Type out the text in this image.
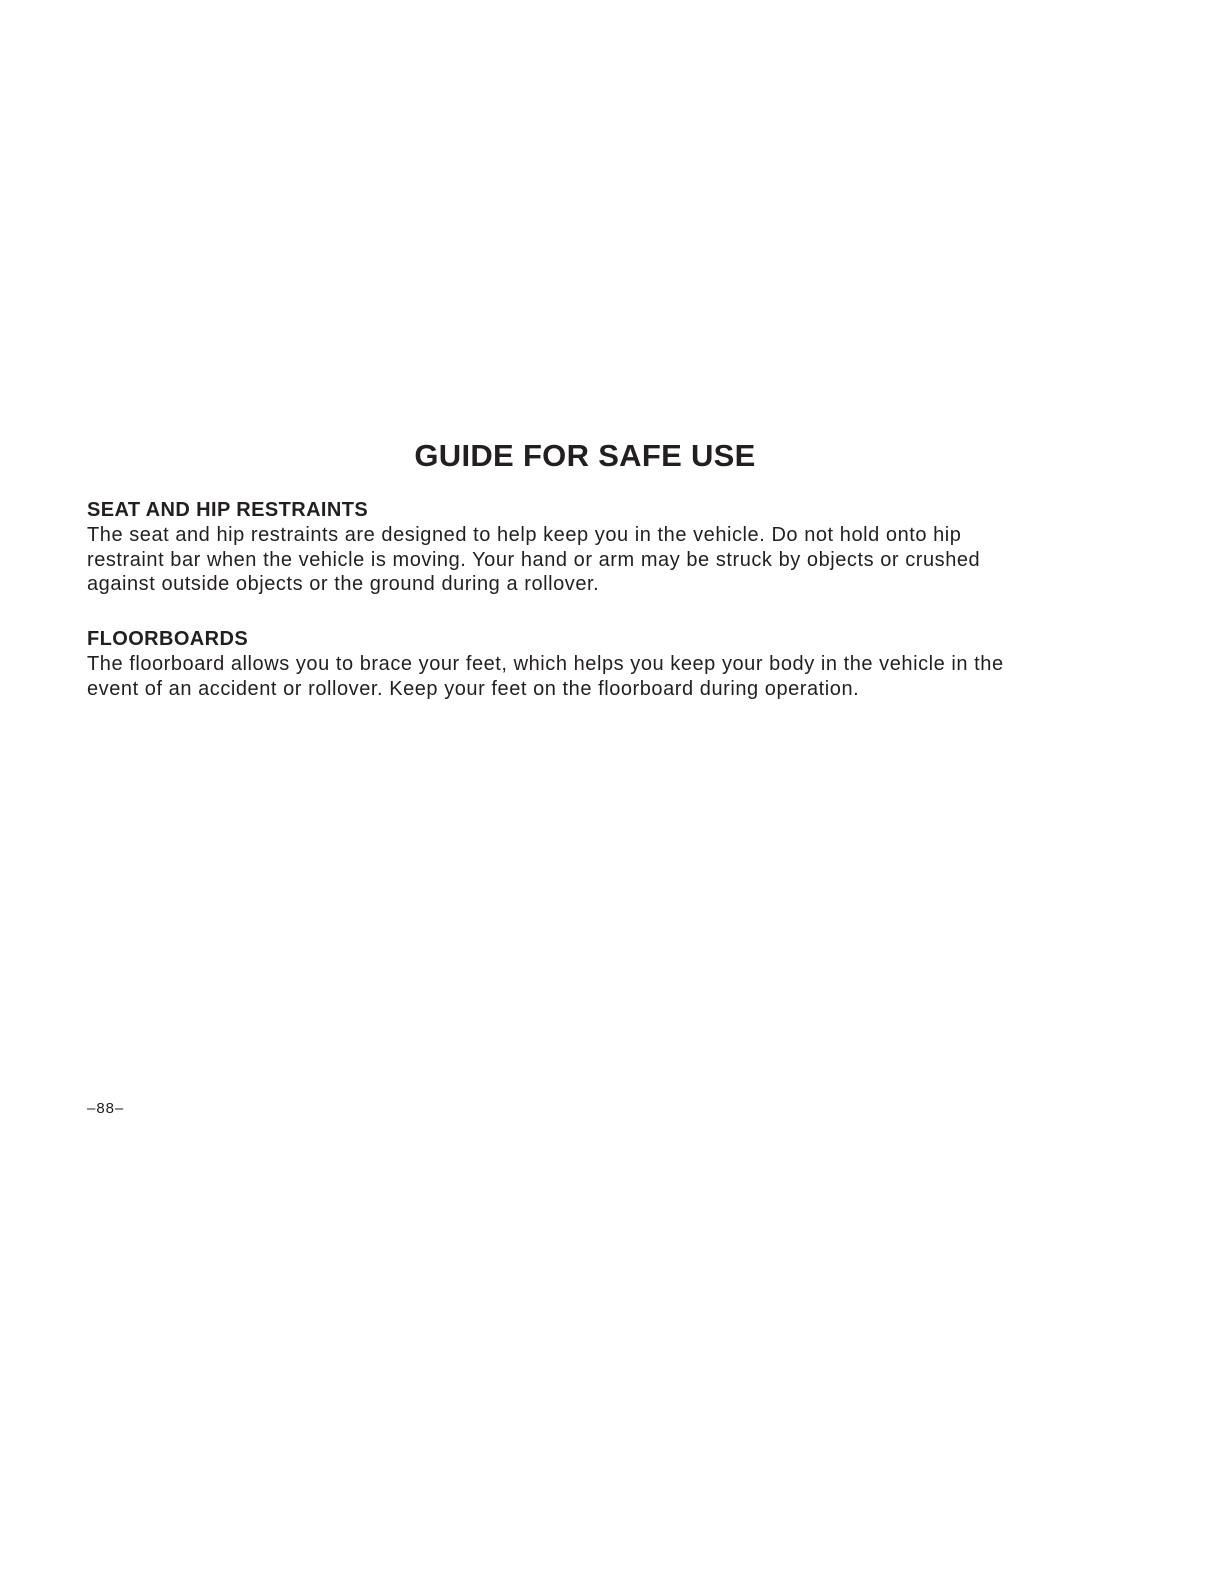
GUIDE FOR SAFE USE
SEAT AND HIP RESTRAINTS
The seat and hip restraints are designed to help keep you in the vehicle. Do not hold onto hip
restraint bar when the vehicle is moving. Your hand or arm may be struck by objects or crushed
against outside objects or the ground during a rollover.
FLOORBOARDS
The floorboard allows you to brace your feet, which helps you keep your body in the vehicle in the
event of an accident or rollover. Keep your feet on the floorboard during operation.
–88–
